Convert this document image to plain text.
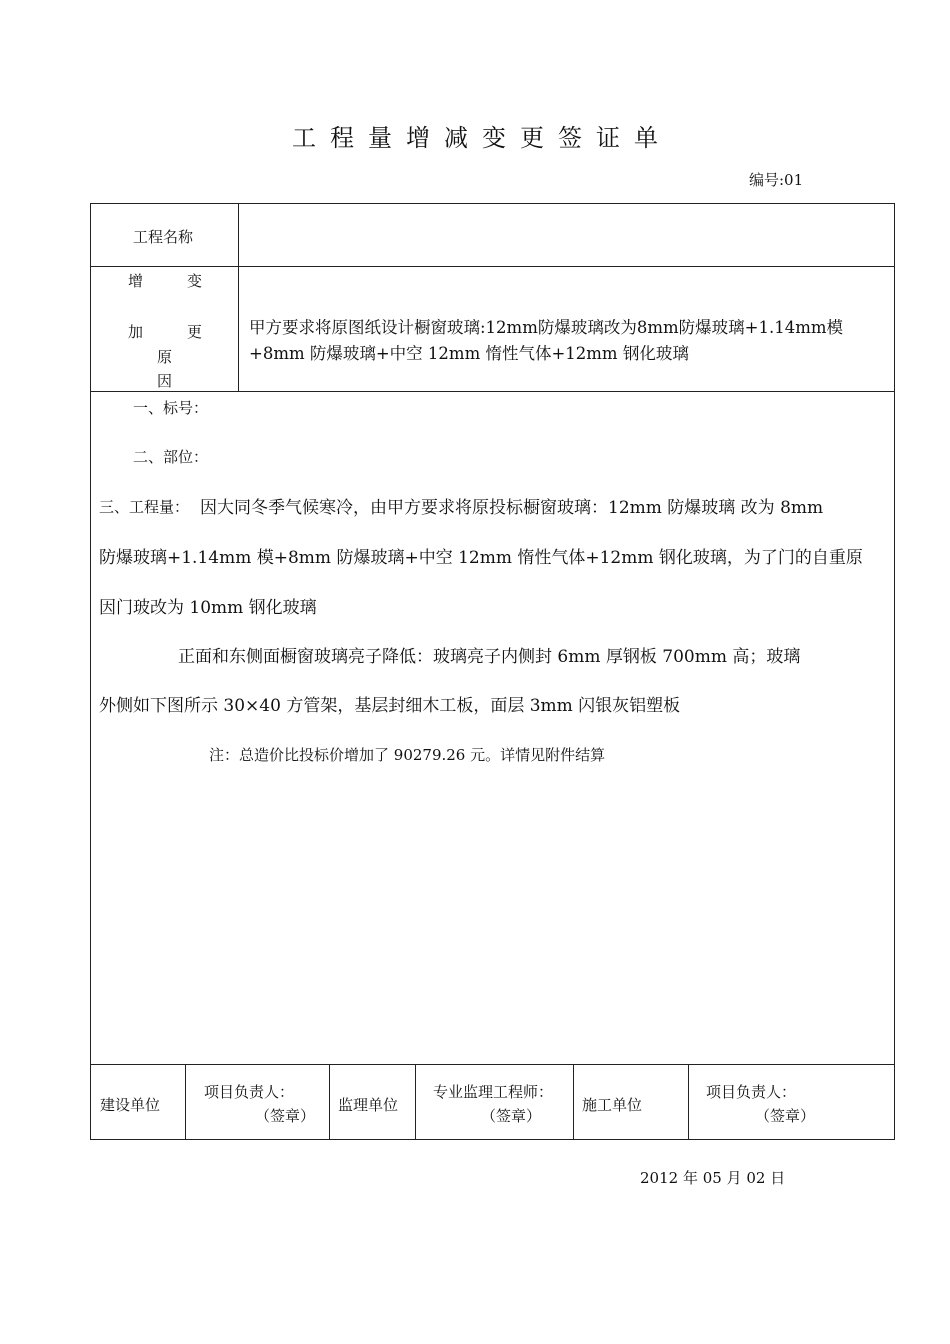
工程量增减变更签证单
编号:01
工程名称
增	变
加	更
原
因
甲方要求将原图纸设计橱窗玻璃:12mm防爆玻璃改为8mm防爆玻璃+1.14mm模+8mm 防爆玻璃+中空 12mm 惰性气体+12mm 钢化玻璃
一、标号：
二、部位：
三、工程量： 因大同冬季气候寒冷，由甲方要求将原投标橱窗玻璃：12mm 防爆玻璃 改为 8mm
防爆玻璃+1.14mm 模+8mm 防爆玻璃+中空 12mm 惰性气体+12mm 钢化玻璃，为了门的自重原
因门玻改为 10mm 钢化玻璃
正面和东侧面橱窗玻璃亮子降低：玻璃亮子内侧封 6mm 厚钢板 700mm 高；玻璃
外侧如下图所示 30×40 方管架，基层封细木工板，面层 3mm 闪银灰铝塑板
注：总造价比投标价增加了 90279.26 元。详情见附件结算
建设单位
项目负责人：
（签章）
监理单位
专业监理工程师：
（签章）
施工单位
项目负责人：
（签章）
2012 年 05 月 02 日
